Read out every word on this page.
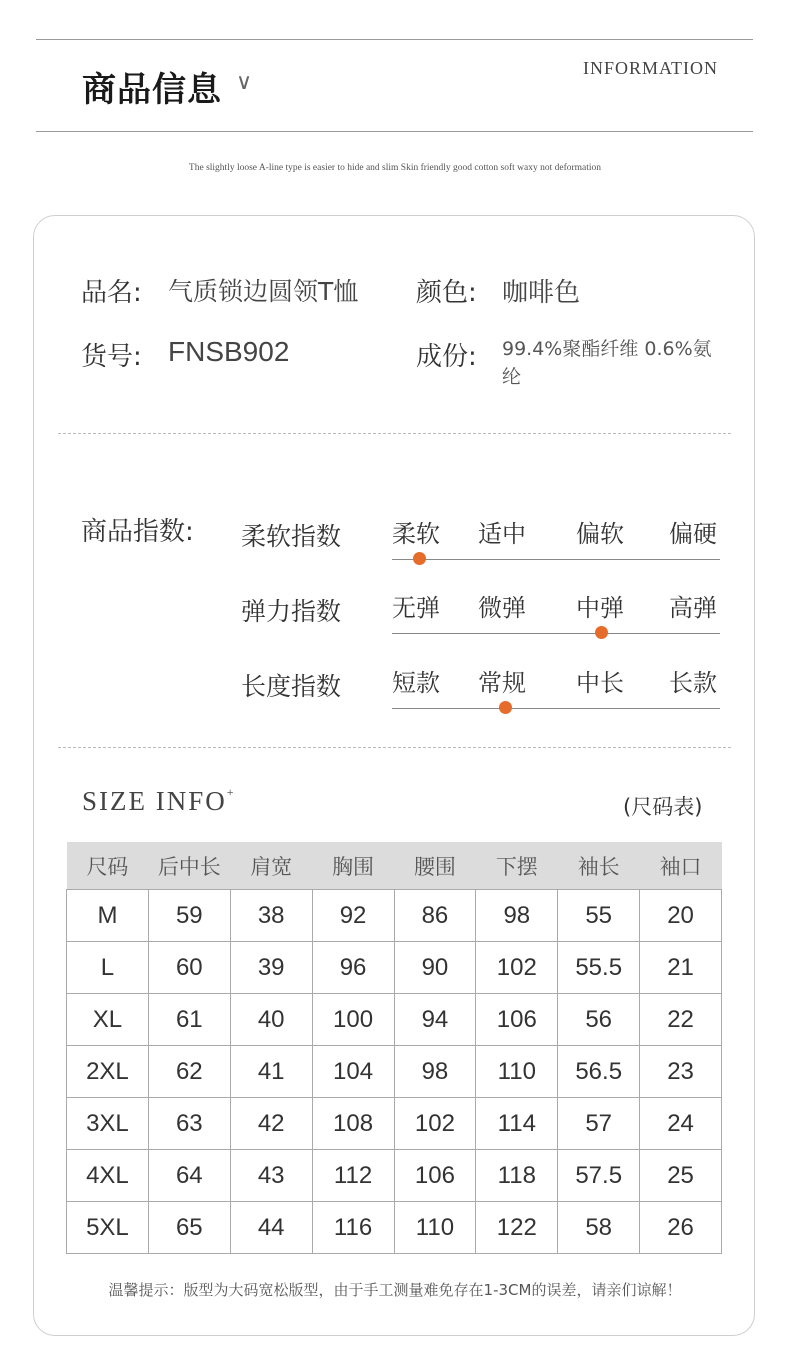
商品信息 ∨
INFORMATION
The slightly loose A-line type is easier to hide and slim Skin friendly good cotton soft waxy not deformation
品名: 气质锁边圆领T恤 颜色: 咖啡色
货号: FNSB902	成份: 99.4%聚酯纤维 0.6%氨纶
商品指数: 柔软指数 柔软 适中 偏软 偏硬
弹力指数 无弹 微弹 中弹 高弹
长度指数 短款 常规 中长 长款
SIZE INFO+
(尺码表)
尺码	后中长	肩宽	胸围	腰围	下摆	袖长	袖口
M	59	38	92	86	98	55	20
L	60	39	96	90	102	55.5	21
XL	61	40	100	94	106	56	22
2XL	62	41	104	98	110	56.5	23
3XL	63	42	108	102	114	57	24
4XL	64	43	112	106	118	57.5	25
5XL	65	44	116	110	122	58	26
温馨提示：版型为大码宽松版型，由于手工测量难免存在1-3CM的误差，请亲们谅解！
